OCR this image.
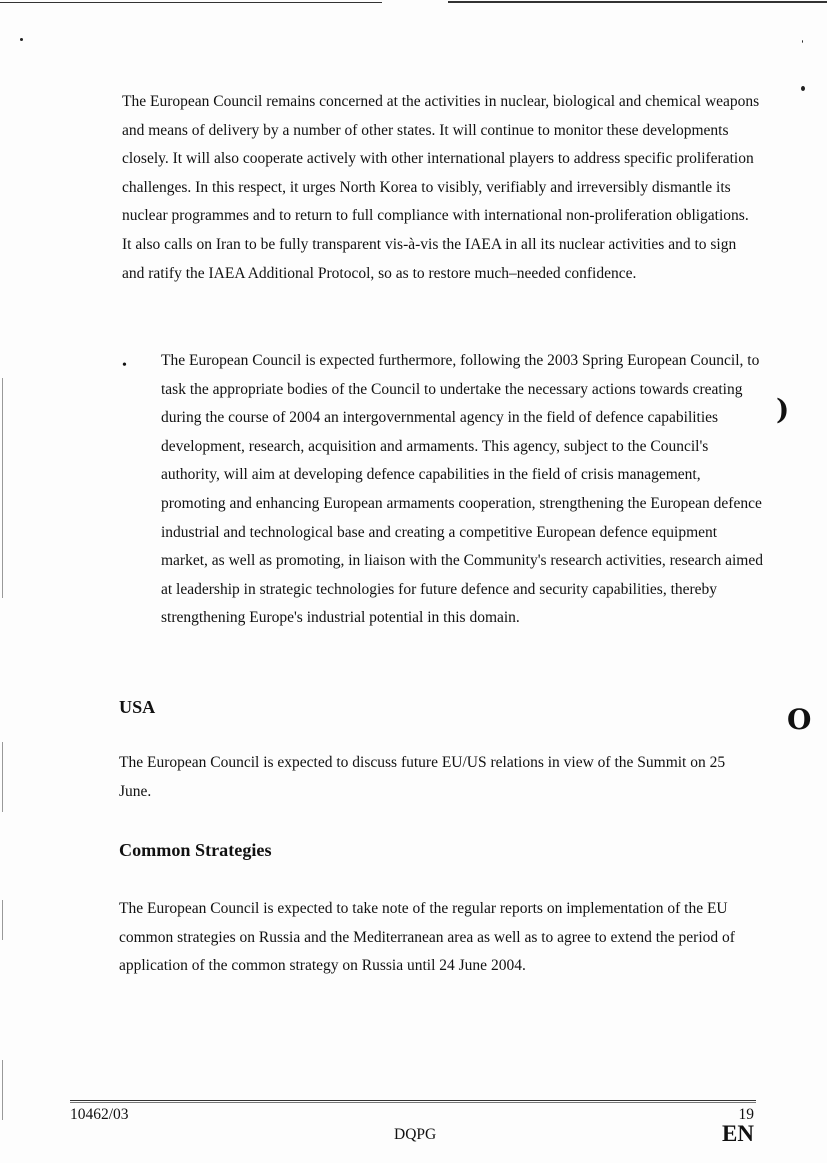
The European Council remains concerned at the activities in nuclear, biological and chemical weapons and means of delivery by a number of other states. It will continue to monitor these developments closely. It will also cooperate actively with other international players to address specific proliferation challenges. In this respect, it urges North Korea to visibly, verifiably and irreversibly dismantle its nuclear programmes and to return to full compliance with international non-proliferation obligations. It also calls on Iran to be fully transparent vis-à-vis the IAEA in all its nuclear activities and to sign and ratify the IAEA Additional Protocol, so as to restore much–needed confidence.

• The European Council is expected furthermore, following the 2003 Spring European Council, to task the appropriate bodies of the Council to undertake the necessary actions towards creating during the course of 2004 an intergovernmental agency in the field of defence capabilities development, research, acquisition and armaments. This agency, subject to the Council's authority, will aim at developing defence capabilities in the field of crisis management, promoting and enhancing European armaments cooperation, strengthening the European defence industrial and technological base and creating a competitive European defence equipment market, as well as promoting, in liaison with the Community's research activities, research aimed at leadership in strategic technologies for future defence and security capabilities, thereby strengthening Europe's industrial potential in this domain.

USA

The European Council is expected to discuss future EU/US relations in view of the Summit on 25 June.

Common Strategies

The European Council is expected to take note of the regular reports on implementation of the EU common strategies on Russia and the Mediterranean area as well as to agree to extend the period of application of the common strategy on Russia until 24 June 2004.

)
O
10462/03	19
DQPG	EN
